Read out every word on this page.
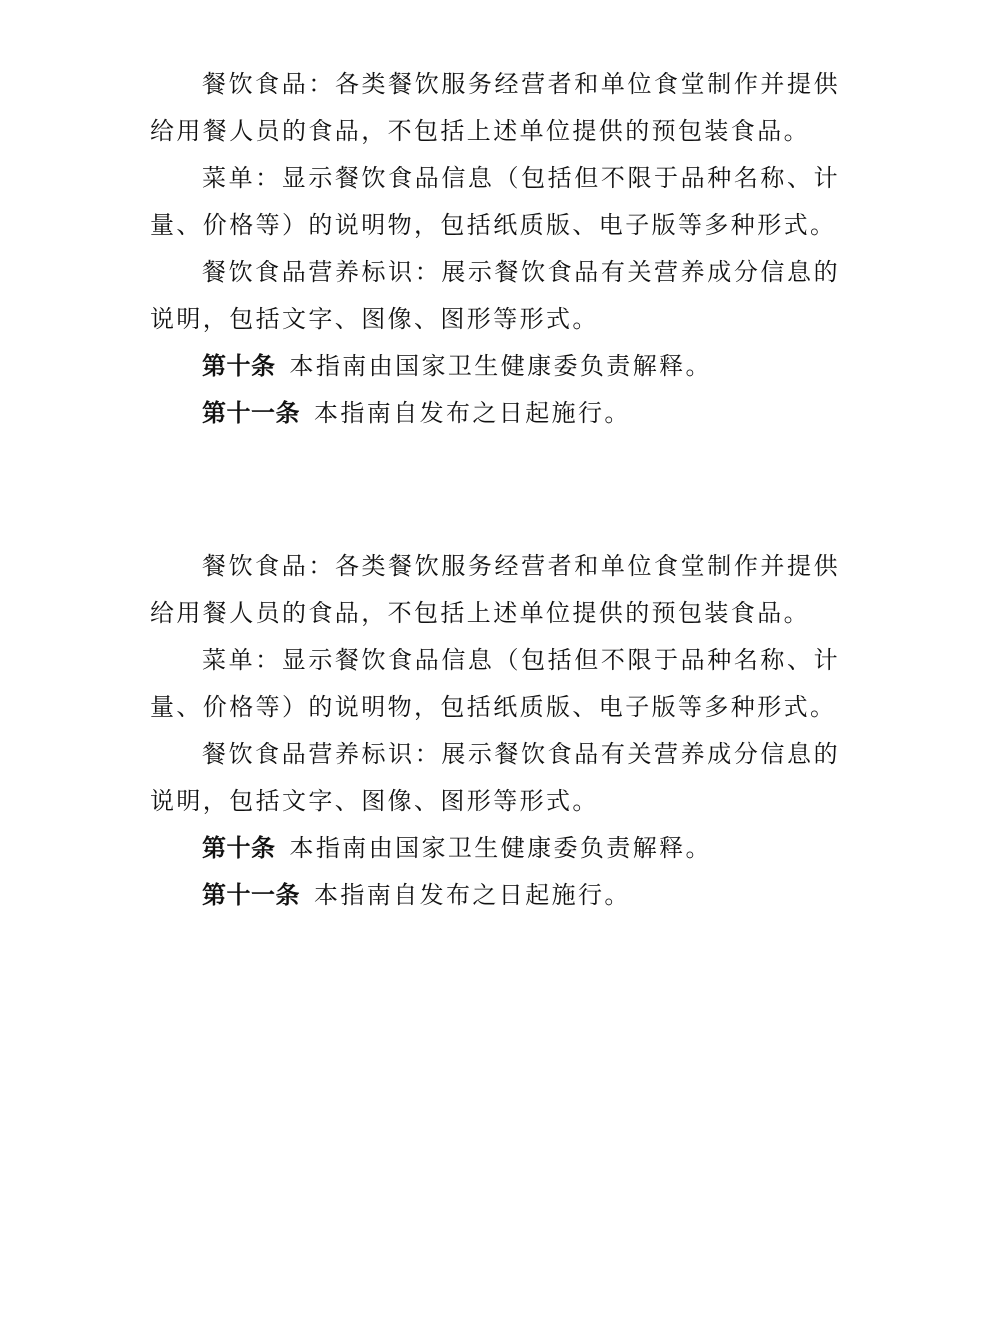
餐饮食品：各类餐饮服务经营者和单位食堂制作并提供给用餐人员的食品，不包括上述单位提供的预包装食品。

菜单：显示餐饮食品信息（包括但不限于品种名称、计量、价格等）的说明物，包括纸质版、电子版等多种形式。

餐饮食品营养标识：展示餐饮食品有关营养成分信息的说明，包括文字、图像、图形等形式。

第十条 本指南由国家卫生健康委负责解释。

第十一条 本指南自发布之日起施行。

餐饮食品：各类餐饮服务经营者和单位食堂制作并提供给用餐人员的食品，不包括上述单位提供的预包装食品。

菜单：显示餐饮食品信息（包括但不限于品种名称、计量、价格等）的说明物，包括纸质版、电子版等多种形式。

餐饮食品营养标识：展示餐饮食品有关营养成分信息的说明，包括文字、图像、图形等形式。

第十条 本指南由国家卫生健康委负责解释。

第十一条 本指南自发布之日起施行。
